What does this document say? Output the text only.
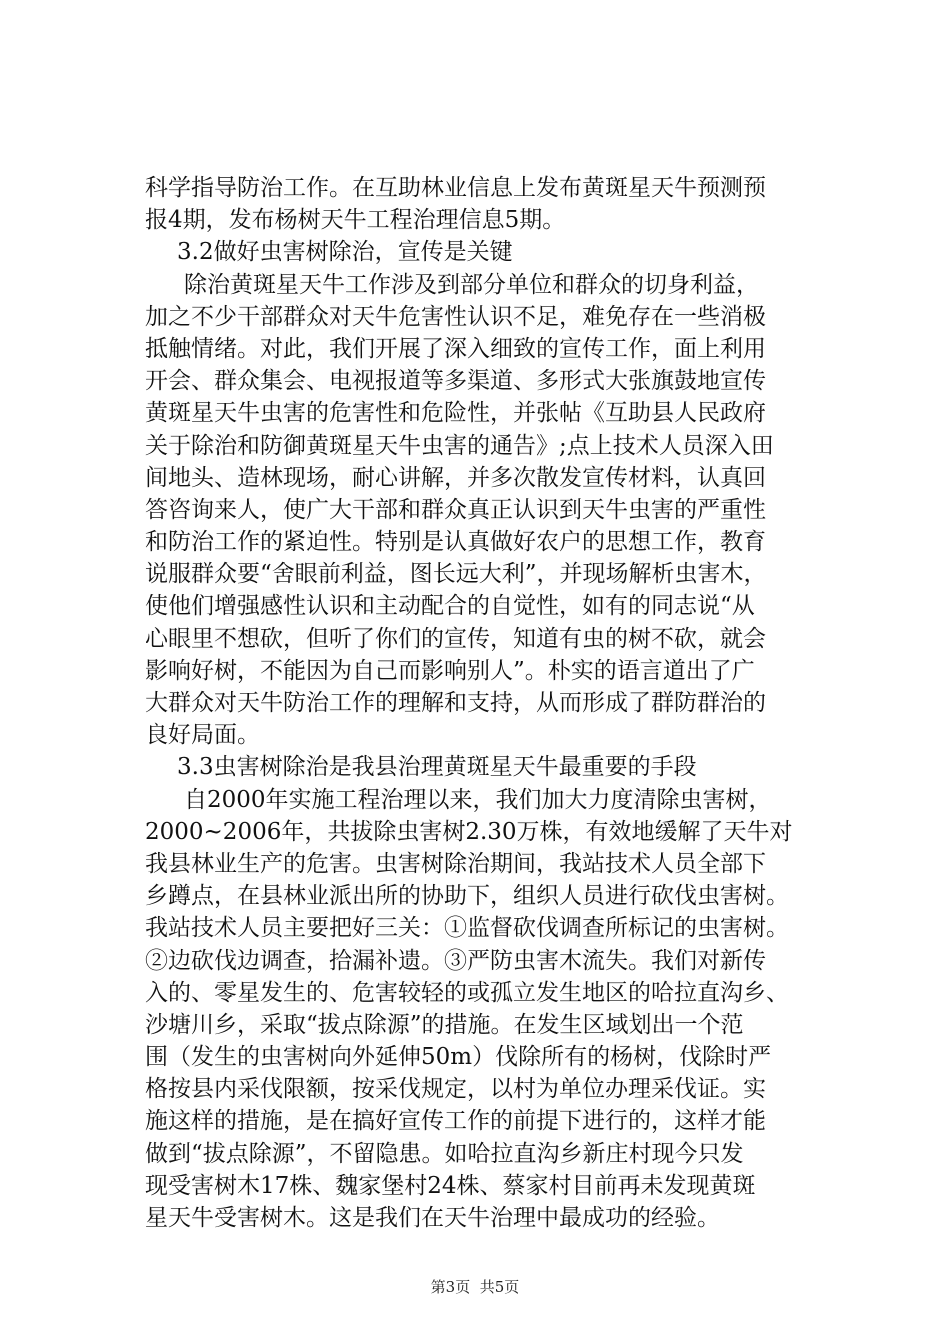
科学指导防治工作。在互助林业信息上发布黄斑星天牛预测预
报4期，发布杨树天牛工程治理信息5期。
3.2做好虫害树除治，宣传是关键
除治黄斑星天牛工作涉及到部分单位和群众的切身利益，
加之不少干部群众对天牛危害性认识不足，难免存在一些消极
抵触情绪。对此，我们开展了深入细致的宣传工作，面上利用
开会、群众集会、电视报道等多渠道、多形式大张旗鼓地宣传
黄斑星天牛虫害的危害性和危险性，并张帖《互助县人民政府
关于除治和防御黄斑星天牛虫害的通告》;点上技术人员深入田
间地头、造林现场，耐心讲解，并多次散发宣传材料，认真回
答咨询来人，使广大干部和群众真正认识到天牛虫害的严重性
和防治工作的紧迫性。特别是认真做好农户的思想工作，教育
说服群众要“舍眼前利益，图长远大利”，并现场解析虫害木，
使他们增强感性认识和主动配合的自觉性，如有的同志说“从
心眼里不想砍，但听了你们的宣传，知道有虫的树不砍，就会
影响好树，不能因为自己而影响别人”。朴实的语言道出了广
大群众对天牛防治工作的理解和支持，从而形成了群防群治的
良好局面。
3.3虫害树除治是我县治理黄斑星天牛最重要的手段
自2000年实施工程治理以来，我们加大力度清除虫害树，
2000~2006年，共拔除虫害树2.30万株，有效地缓解了天牛对
我县林业生产的危害。虫害树除治期间，我站技术人员全部下
乡蹲点，在县林业派出所的协助下，组织人员进行砍伐虫害树。
我站技术人员主要把好三关：①监督砍伐调查所标记的虫害树。
②边砍伐边调查，拾漏补遗。③严防虫害木流失。我们对新传
入的、零星发生的、危害较轻的或孤立发生地区的哈拉直沟乡、
沙塘川乡，采取“拔点除源”的措施。在发生区域划出一个范
围（发生的虫害树向外延伸50m）伐除所有的杨树，伐除时严
格按县内采伐限额，按采伐规定，以村为单位办理采伐证。实
施这样的措施，是在搞好宣传工作的前提下进行的，这样才能
做到“拔点除源”，不留隐患。如哈拉直沟乡新庄村现今只发
现受害树木17株、魏家堡村24株、蔡家村目前再未发现黄斑
星天牛受害树木。这是我们在天牛治理中最成功的经验。
第3页 共5页
